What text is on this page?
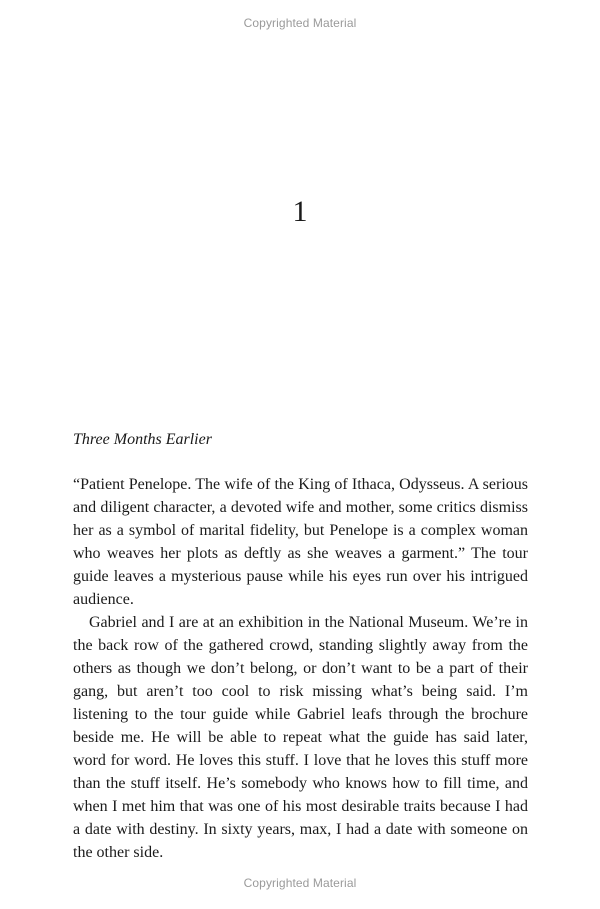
Copyrighted Material
1
Three Months Earlier

“Patient Penelope. The wife of the King of Ithaca, Odysseus. A serious and diligent character, a devoted wife and mother, some critics dismiss her as a symbol of marital fidelity, but Penelope is a complex woman who weaves her plots as deftly as she weaves a garment.” The tour guide leaves a mysterious pause while his eyes run over his intrigued audience.

Gabriel and I are at an exhibition in the National Museum. We’re in the back row of the gathered crowd, standing slightly away from the others as though we don’t belong, or don’t want to be a part of their gang, but aren’t too cool to risk missing what’s being said. I’m listening to the tour guide while Gabriel leafs through the brochure beside me. He will be able to repeat what the guide has said later, word for word. He loves this stuff. I love that he loves this stuff more than the stuff itself. He’s somebody who knows how to fill time, and when I met him that was one of his most desirable traits because I had a date with destiny. In sixty years, max, I had a date with someone on the other side.

Copyrighted Material
